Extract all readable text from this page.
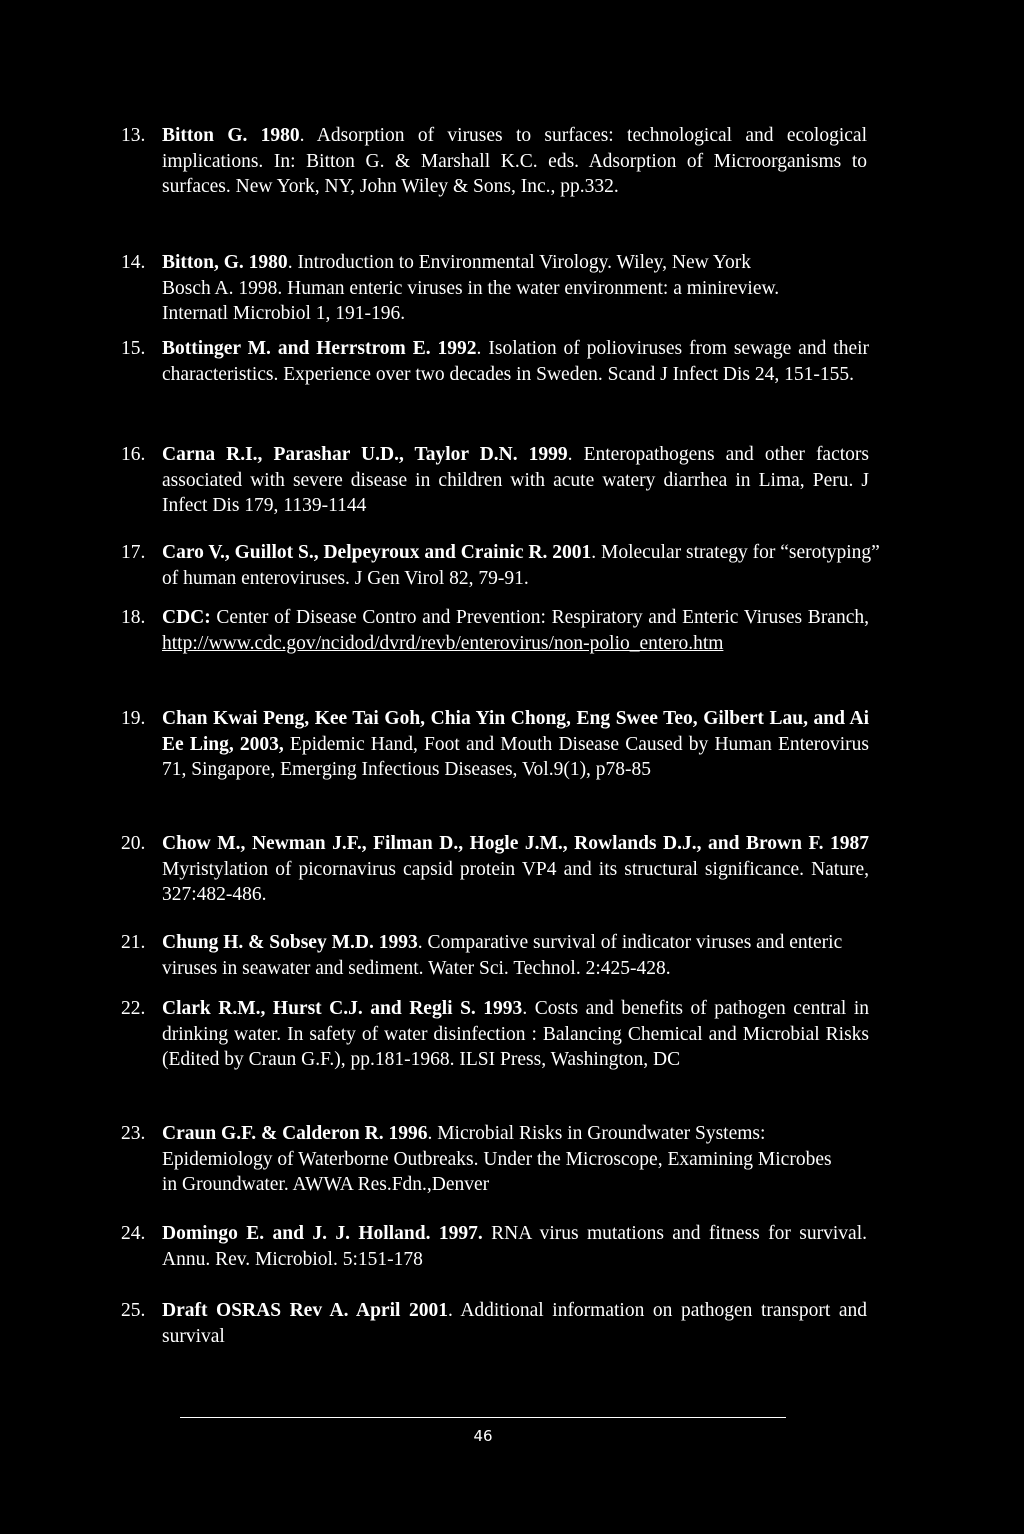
13. Bitton G. 1980. Adsorption of viruses to surfaces: technological and ecological implications. In: Bitton G. & Marshall K.C. eds. Adsorption of Microorganisms to surfaces. New York, NY, John Wiley & Sons, Inc., pp.332.
14. Bitton, G. 1980. Introduction to Environmental Virology. Wiley, New York Bosch A. 1998. Human enteric viruses in the water environment: a minireview. Internatl Microbiol 1, 191-196.
15. Bottinger M. and Herrstrom E. 1992. Isolation of polioviruses from sewage and their characteristics. Experience over two decades in Sweden. Scand J Infect Dis 24, 151-155.
16. Carna R.I., Parashar U.D., Taylor D.N. 1999. Enteropathogens and other factors associated with severe disease in children with acute watery diarrhea in Lima, Peru. J Infect Dis 179, 1139-1144
17. Caro V., Guillot S., Delpeyroux and Crainic R. 2001. Molecular strategy for “serotyping” of human enteroviruses. J Gen Virol 82, 79-91.
18. CDC: Center of Disease Contro and Prevention: Respiratory and Enteric Viruses Branch, http://www.cdc.gov/ncidod/dvrd/revb/enterovirus/non-polio_entero.htm
19. Chan Kwai Peng, Kee Tai Goh, Chia Yin Chong, Eng Swee Teo, Gilbert Lau, and Ai Ee Ling, 2003, Epidemic Hand, Foot and Mouth Disease Caused by Human Enterovirus 71, Singapore, Emerging Infectious Diseases, Vol.9(1), p78-85
20. Chow M., Newman J.F., Filman D., Hogle J.M., Rowlands D.J., and Brown F. 1987 Myristylation of picornavirus capsid protein VP4 and its structural significance. Nature, 327:482-486.
21. Chung H. & Sobsey M.D. 1993. Comparative survival of indicator viruses and enteric viruses in seawater and sediment. Water Sci. Technol. 2:425-428.
22. Clark R.M., Hurst C.J. and Regli S. 1993. Costs and benefits of pathogen central in drinking water. In safety of water disinfection : Balancing Chemical and Microbial Risks (Edited by Craun G.F.), pp.181-1968. ILSI Press, Washington, DC
23. Craun G.F. & Calderon R. 1996. Microbial Risks in Groundwater Systems: Epidemiology of Waterborne Outbreaks. Under the Microscope, Examining Microbes in Groundwater. AWWA Res.Fdn.,Denver
24. Domingo E. and J. J. Holland. 1997. RNA virus mutations and fitness for survival. Annu. Rev. Microbiol. 5:151-178
25. Draft OSRAS Rev A. April 2001. Additional information on pathogen transport and survival
46
